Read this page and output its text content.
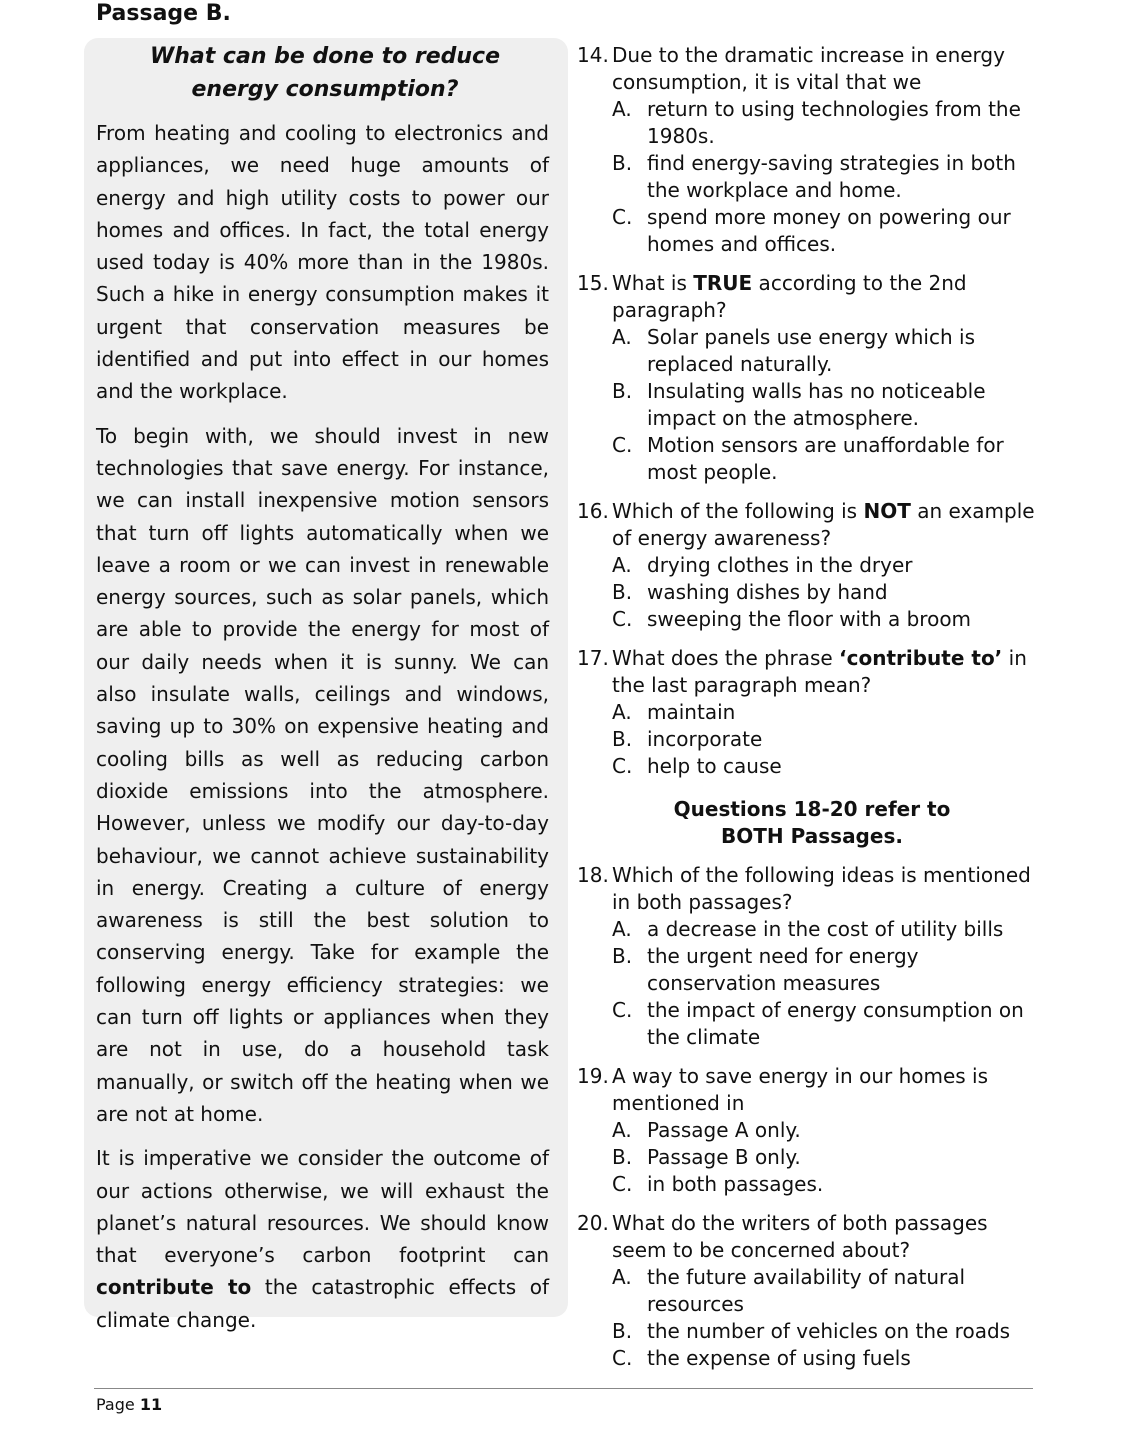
Passage B.
What can be done to reduce energy consumption?

From heating and cooling to electronics and appliances, we need huge amounts of energy and high utility costs to power our homes and offices. In fact, the total energy used today is 40% more than in the 1980s. Such a hike in energy consumption makes it urgent that conservation measures be identified and put into effect in our homes and the workplace.

To begin with, we should invest in new technologies that save energy. For instance, we can install inexpensive motion sensors that turn off lights automatically when we leave a room or we can invest in renewable energy sources, such as solar panels, which are able to provide the energy for most of our daily needs when it is sunny. We can also insulate walls, ceilings and windows, saving up to 30% on expensive heating and cooling bills as well as reducing carbon dioxide emissions into the atmosphere. However, unless we modify our day-to-day behaviour, we cannot achieve sustainability in energy. Creating a culture of energy awareness is still the best solution to conserving energy. Take for example the following energy efficiency strategies: we can turn off lights or appliances when they are not in use, do a household task manually, or switch off the heating when we are not at home.

It is imperative we consider the outcome of our actions otherwise, we will exhaust the planet’s natural resources. We should know that everyone’s carbon footprint can contribute to the catastrophic effects of climate change.

14. Due to the dramatic increase in energy consumption, it is vital that we
A. return to using technologies from the 1980s.
B. find energy-saving strategies in both the workplace and home.
C. spend more money on powering our homes and offices.
15. What is TRUE according to the 2nd paragraph?
A. Solar panels use energy which is replaced naturally.
B. Insulating walls has no noticeable impact on the atmosphere.
C. Motion sensors are unaffordable for most people.
16. Which of the following is NOT an example of energy awareness?
A. drying clothes in the dryer
B. washing dishes by hand
C. sweeping the floor with a broom
17. What does the phrase ‘contribute to’ in the last paragraph mean?
A. maintain
B. incorporate
C. help to cause
Questions 18-20 refer to
BOTH Passages.
18. Which of the following ideas is mentioned in both passages?
A. a decrease in the cost of utility bills
B. the urgent need for energy conservation measures
C. the impact of energy consumption on the climate
19. A way to save energy in our homes is mentioned in
A. Passage A only.
B. Passage B only.
C. in both passages.
20. What do the writers of both passages seem to be concerned about?
A. the future availability of natural resources
B. the number of vehicles on the roads
C. the expense of using fuels
Page 11
